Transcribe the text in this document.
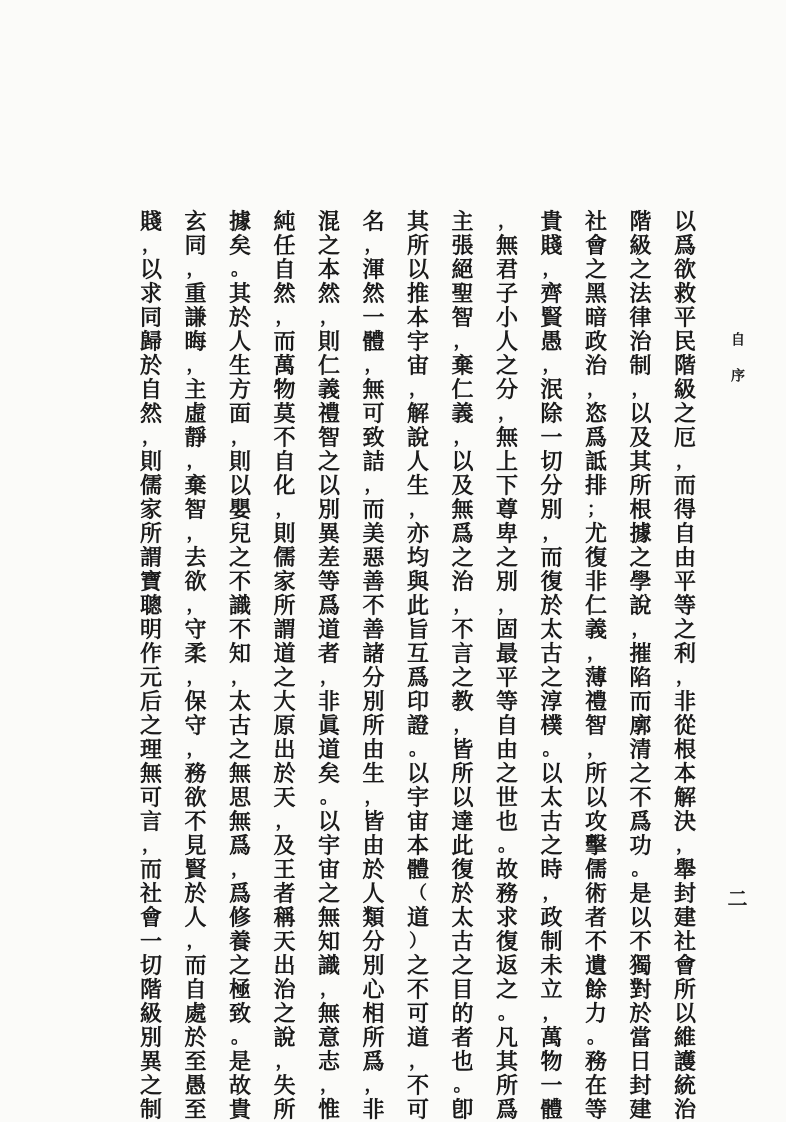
自序
二
以
爲
欲
救
平
民
階
級
之
厄
，
而
得
自
由
平
等
之
利
，
非
從
根
本
解
決
，
舉
封
建
社
會
所
以
維
護
統
治
階
級
之
法
律
治
制
，
以
及
其
所
根
據
之
學
說
，
摧
陷
而
廓
清
之
不
爲
功
。
是
以
不
獨
對
於
當
日
封
建
社
會
之
黑
暗
政
治
，
恣
爲
詆
排
；
尤
復
非
仁
義
，
薄
禮
智
，
所
以
攻
擊
儒
術
者
不
遺
餘
力
。
務
在
等
貴
賤
，
齊
賢
愚
，
泯
除
一
切
分
別
，
而
復
於
太
古
之
淳
樸
。
以
太
古
之
時
，
政
制
未
立
，
萬
物
一
體
，
無
君
子
小
人
之
分
，
無
上
下
尊
卑
之
別
，
固
最
平
等
自
由
之
世
也
。
故
務
求
復
返
之
。
凡
其
所
爲
主
張
絕
聖
智
，
棄
仁
義
，
以
及
無
爲
之
治
，
不
言
之
教
，
皆
所
以
達
此
復
於
太
古
之
目
的
者
也
。
卽
其
所
以
推
本
宇
宙
，
解
說
人
生
，
亦
均
與
此
旨
互
爲
印
證
。
以
宇
宙
本
體
（
道
）
之
不
可
道
，
不
可
名
，
渾
然
一
體
，
無
可
致
詰
，
而
美
惡
善
不
善
諸
分
別
所
由
生
，
皆
由
於
人
類
分
別
心
相
所
爲
，
非
混
之
本
然
，
則
仁
義
禮
智
之
以
別
異
差
等
爲
道
者
，
非
眞
道
矣
。
以
宇
宙
之
無
知
識
，
無
意
志
，
惟
純
任
自
然
，
而
萬
物
莫
不
自
化
，
則
儒
家
所
謂
道
之
大
原
出
於
天
，
及
王
者
稱
天
出
治
之
說
，
失
所
據
矣
。
其
於
人
生
方
面
，
則
以
嬰
兒
之
不
識
不
知
，
太
古
之
無
思
無
爲
，
爲
修
養
之
極
致
。
是
故
貴
玄
同
，
重
謙
晦
，
主
虛
靜
，
棄
智
，
去
欲
，
守
柔
，
保
守
，
務
欲
不
見
賢
於
人
，
而
自
處
於
至
愚
至
賤
，
以
求
同
歸
於
自
然
，
則
儒
家
所
謂
寶
聰
明
作
元
后
之
理
無
可
言
，
而
社
會
一
切
階
級
別
異
之
制
